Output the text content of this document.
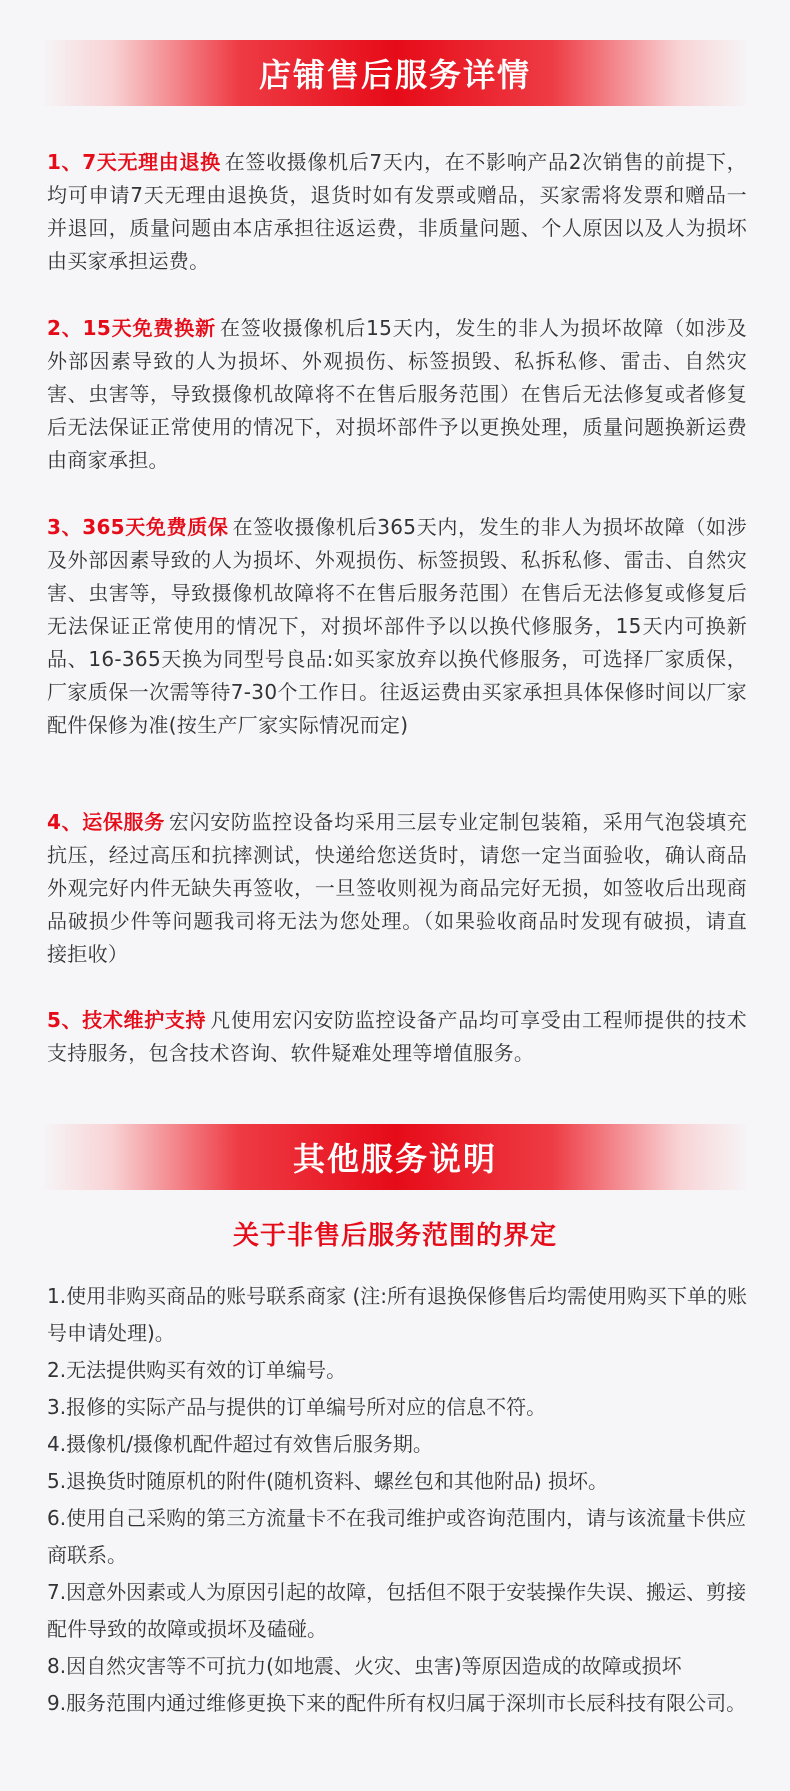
店铺售后服务详情

1、7天无理由退换 在签收摄像机后7天内，在不影响产品2次销售的前提下，均可申请7天无理由退换货，退货时如有发票或赠品，买家需将发票和赠品一并退回，质量问题由本店承担往返运费，非质量问题、个人原因以及人为损坏由买家承担运费。

2、15天免费换新 在签收摄像机后15天内，发生的非人为损坏故障（如涉及外部因素导致的人为损坏、外观损伤、标签损毁、私拆私修、雷击、自然灾害、虫害等，导致摄像机故障将不在售后服务范围）在售后无法修复或者修复后无法保证正常使用的情况下，对损坏部件予以更换处理，质量问题换新运费由商家承担。

3、365天免费质保 在签收摄像机后365天内，发生的非人为损坏故障（如涉及外部因素导致的人为损坏、外观损伤、标签损毁、私拆私修、雷击、自然灾害、虫害等，导致摄像机故障将不在售后服务范围）在售后无法修复或修复后无法保证正常使用的情况下，对损坏部件予以以换代修服务，15天内可换新品、16-365天换为同型号良品:如买家放弃以换代修服务，可选择厂家质保，厂家质保一次需等待7-30个工作日。往返运费由买家承担具体保修时间以厂家配件保修为准(按生产厂家实际情况而定)

4、运保服务 宏闪安防监控设备均采用三层专业定制包装箱，采用气泡袋填充抗压，经过高压和抗摔测试，快递给您送货时，请您一定当面验收，确认商品外观完好内件无缺失再签收，一旦签收则视为商品完好无损，如签收后出现商品破损少件等问题我司将无法为您处理。（如果验收商品时发现有破损，请直接拒收）

5、技术维护支持 凡使用宏闪安防监控设备产品均可享受由工程师提供的技术支持服务，包含技术咨询、软件疑难处理等增值服务。

其他服务说明
关于非售后服务范围的界定
1.使用非购买商品的账号联系商家 (注:所有退换保修售后均需使用购买下单的账号申请处理)。
2.无法提供购买有效的订单编号。
3.报修的实际产品与提供的订单编号所对应的信息不符。
4.摄像机/摄像机配件超过有效售后服务期。
5.退换货时随原机的附件(随机资料、螺丝包和其他附品) 损坏。
6.使用自己采购的第三方流量卡不在我司维护或咨询范围内，请与该流量卡供应商联系。
7.因意外因素或人为原因引起的故障，包括但不限于安装操作失误、搬运、剪接配件导致的故障或损坏及磕碰。
8.因自然灾害等不可抗力(如地震、火灾、虫害)等原因造成的故障或损坏
9.服务范围内通过维修更换下来的配件所有权归属于深圳市长辰科技有限公司。
